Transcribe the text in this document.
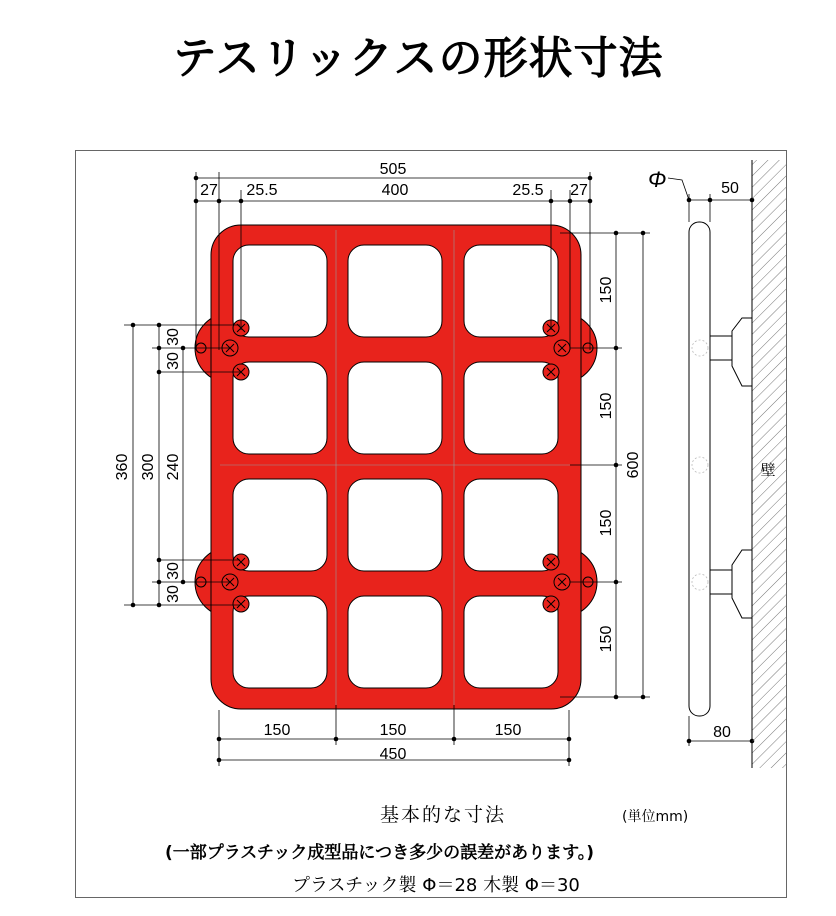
テスリックスの形状寸法
505
27 25.5	400	25.5 27
150	150	150
450
360 300 240
30
30
30
30
150
150
150
150
600
Φ	50
80
壁
基本的な寸法	(単位mm)
(一部プラスチック成型品につき多少の誤差があります。)
プラスチック製 Φ＝28 木製 Φ＝30
